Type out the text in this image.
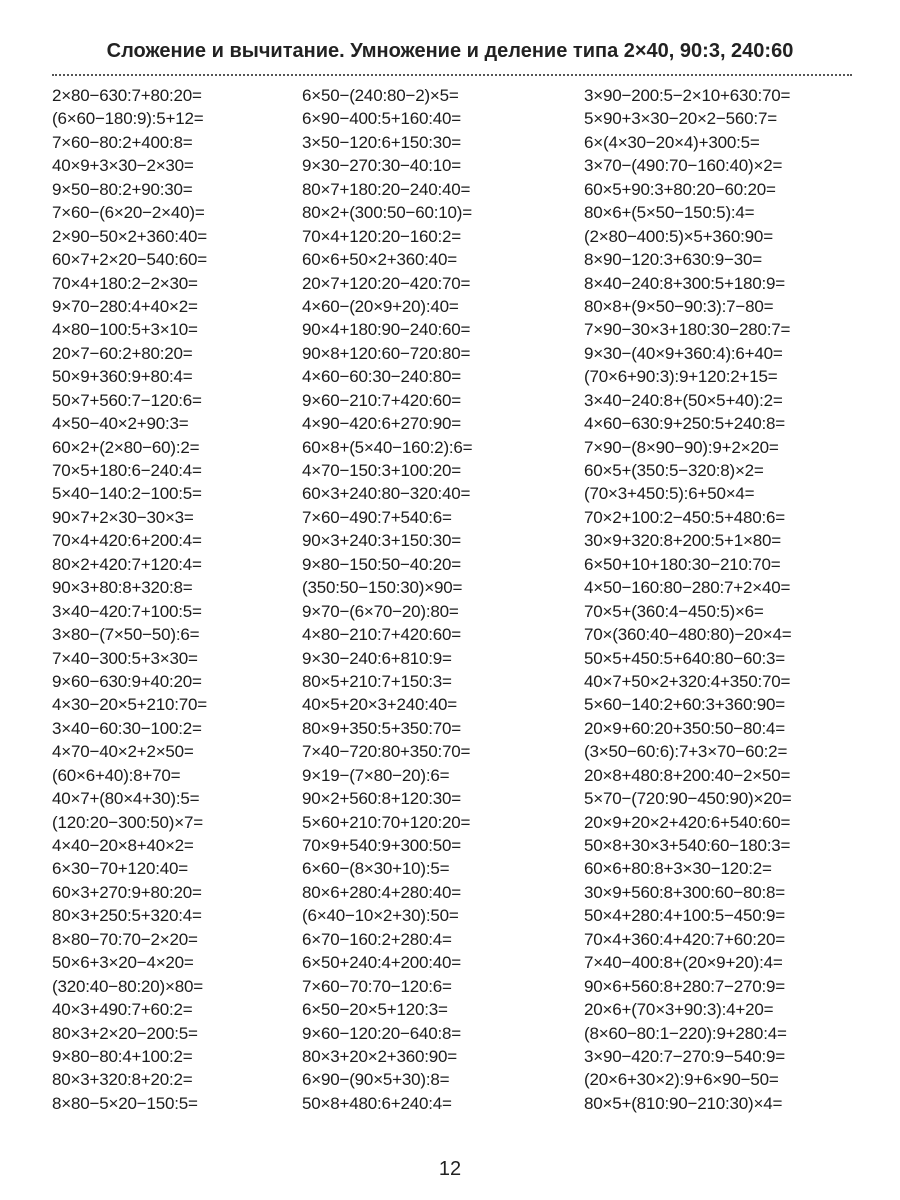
Сложение и вычитание. Умножение и деление типа 2×40, 90:3, 240:60
2×80−630:7+80:20=
(6×60−180:9):5+12=
7×60−80:2+400:8=
40×9+3×30−2×30=
9×50−80:2+90:30=
7×60−(6×20−2×40)=
2×90−50×2+360:40=
60×7+2×20−540:60=
70×4+180:2−2×30=
9×70−280:4+40×2=
4×80−100:5+3×10=
20×7−60:2+80:20=
50×9+360:9+80:4=
50×7+560:7−120:6=
4×50−40×2+90:3=
60×2+(2×80−60):2=
70×5+180:6−240:4=
5×40−140:2−100:5=
90×7+2×30−30×3=
70×4+420:6+200:4=
80×2+420:7+120:4=
90×3+80:8+320:8=
3×40−420:7+100:5=
3×80−(7×50−50):6=
7×40−300:5+3×30=
9×60−630:9+40:20=
4×30−20×5+210:70=
3×40−60:30−100:2=
4×70−40×2+2×50=
(60×6+40):8+70=
40×7+(80×4+30):5=
(120:20−300:50)×7=
4×40−20×8+40×2=
6×30−70+120:40=
60×3+270:9+80:20=
80×3+250:5+320:4=
8×80−70:70−2×20=
50×6+3×20−4×20=
(320:40−80:20)×80=
40×3+490:7+60:2=
80×3+2×20−200:5=
9×80−80:4+100:2=
80×3+320:8+20:2=
8×80−5×20−150:5=
6×50−(240:80−2)×5=
6×90−400:5+160:40=
3×50−120:6+150:30=
9×30−270:30−40:10=
80×7+180:20−240:40=
80×2+(300:50−60:10)=
70×4+120:20−160:2=
60×6+50×2+360:40=
20×7+120:20−420:70=
4×60−(20×9+20):40=
90×4+180:90−240:60=
90×8+120:60−720:80=
4×60−60:30−240:80=
9×60−210:7+420:60=
4×90−420:6+270:90=
60×8+(5×40−160:2):6=
4×70−150:3+100:20=
60×3+240:80−320:40=
7×60−490:7+540:6=
90×3+240:3+150:30=
9×80−150:50−40:20=
(350:50−150:30)×90=
9×70−(6×70−20):80=
4×80−210:7+420:60=
9×30−240:6+810:9=
80×5+210:7+150:3=
40×5+20×3+240:40=
80×9+350:5+350:70=
7×40−720:80+350:70=
9×19−(7×80−20):6=
90×2+560:8+120:30=
5×60+210:70+120:20=
70×9+540:9+300:50=
6×60−(8×30+10):5=
80×6+280:4+280:40=
(6×40−10×2+30):50=
6×70−160:2+280:4=
6×50+240:4+200:40=
7×60−70:70−120:6=
6×50−20×5+120:3=
9×60−120:20−640:8=
80×3+20×2+360:90=
6×90−(90×5+30):8=
50×8+480:6+240:4=
3×90−200:5−2×10+630:70=
5×90+3×30−20×2−560:7=
6×(4×30−20×4)+300:5=
3×70−(490:70−160:40)×2=
60×5+90:3+80:20−60:20=
80×6+(5×50−150:5):4=
(2×80−400:5)×5+360:90=
8×90−120:3+630:9−30=
8×40−240:8+300:5+180:9=
80×8+(9×50−90:3):7−80=
7×90−30×3+180:30−280:7=
9×30−(40×9+360:4):6+40=
(70×6+90:3):9+120:2+15=
3×40−240:8+(50×5+40):2=
4×60−630:9+250:5+240:8=
7×90−(8×90−90):9+2×20=
60×5+(350:5−320:8)×2=
(70×3+450:5):6+50×4=
70×2+100:2−450:5+480:6=
30×9+320:8+200:5+1×80=
6×50+10+180:30−210:70=
4×50−160:80−280:7+2×40=
70×5+(360:4−450:5)×6=
70×(360:40−480:80)−20×4=
50×5+450:5+640:80−60:3=
40×7+50×2+320:4+350:70=
5×60−140:2+60:3+360:90=
20×9+60:20+350:50−80:4=
(3×50−60:6):7+3×70−60:2=
20×8+480:8+200:40−2×50=
5×70−(720:90−450:90)×20=
20×9+20×2+420:6+540:60=
50×8+30×3+540:60−180:3=
60×6+80:8+3×30−120:2=
30×9+560:8+300:60−80:8=
50×4+280:4+100:5−450:9=
70×4+360:4+420:7+60:20=
7×40−400:8+(20×9+20):4=
90×6+560:8+280:7−270:9=
20×6+(70×3+90:3):4+20=
(8×60−80:1−220):9+280:4=
3×90−420:7−270:9−540:9=
(20×6+30×2):9+6×90−50=
80×5+(810:90−210:30)×4=
12
